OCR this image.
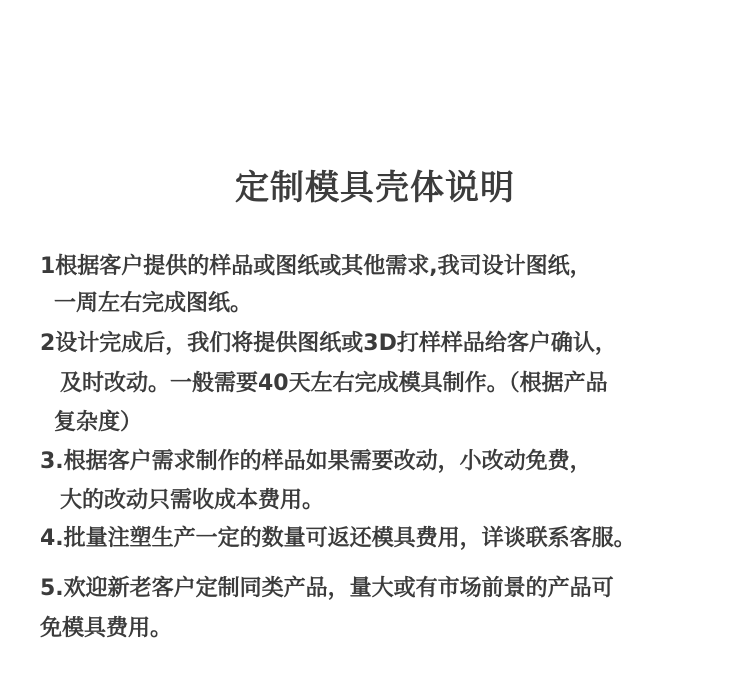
定制模具壳体说明
1根据客户提供的样品或图纸或其他需求,我司设计图纸，
一周左右完成图纸。
2设计完成后，我们将提供图纸或3D打样样品给客户确认，
及时改动。一般需要40天左右完成模具制作。（根据产品
复杂度）
3.根据客户需求制作的样品如果需要改动，小改动免费，
大的改动只需收成本费用。
4.批量注塑生产一定的数量可返还模具费用，详谈联系客服。
5.欢迎新老客户定制同类产品，量大或有市场前景的产品可
免模具费用。
